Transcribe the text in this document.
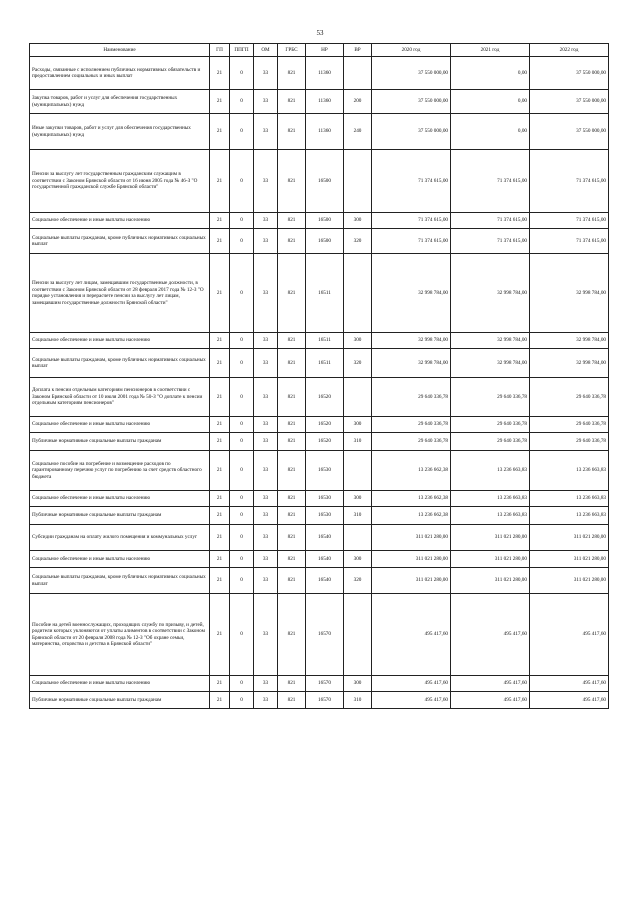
53
Наименование	ГП	ППГП	ОМ	ГРБС	НР	ВР	2020 год	2021 год	2022 год
Расходы, связанные с исполнением публичных нормативных обязательств и предоставлением социальных и иных выплат	21	0	33	821	11360		37 550 000,00	0,00	37 550 000,00
Закупка товаров, работ и услуг для обеспечения государственных (муниципальных) нужд	21	0	33	821	11360	200	37 550 000,00	0,00	37 550 000,00
Иные закупки товаров, работ и услуг для обеспечения государственных (муниципальных) нужд	21	0	33	821	11360	240	37 550 000,00	0,00	37 550 000,00
Пенсии за выслугу лет государственным гражданским служащим в соответствии с Законом Брянской области от 16 июня 2005 года № 46-З "О государственной гражданской службе Брянской области"	21	0	33	821	16500		71 374 615,00	71 374 615,00	71 374 615,00
Социальное обеспечение и иные выплаты населению	21	0	33	821	16500	300	71 374 615,00	71 374 615,00	71 374 615,00
Социальные выплаты гражданам, кроме публичных нормативных социальных выплат	21	0	33	821	16500	320	71 374 615,00	71 374 615,00	71 374 615,00
Пенсии за выслугу лет лицам, замещавшим государственные должности, в соответствии с Законом Брянской области от 28 февраля 2017 года № 12-З "О порядке установления и перерасчете пенсии за выслугу лет лицам, замещавшим государственные должности Брянской области"	21	0	33	821	16511		32 998 784,00	32 998 784,00	32 998 784,00
Социальное обеспечение и иные выплаты населению	21	0	33	821	16511	300	32 998 784,00	32 998 784,00	32 998 784,00
Социальные выплаты гражданам, кроме публичных нормативных социальных выплат	21	0	33	821	16511	320	32 998 784,00	32 998 784,00	32 998 784,00
Доплата к пенсии отдельным категориям пенсионеров в соответствии с Законом Брянской области от 10 июля 2001 года № 50-З "О доплате к пенсии отдельным категориям пенсионеров"	21	0	33	821	16520		29 640 336,78	29 640 336,78	29 640 336,78
Социальное обеспечение и иные выплаты населению	21	0	33	821	16520	300	29 640 336,78	29 640 336,78	29 640 336,78
Публичные нормативные социальные выплаты гражданам	21	0	33	821	16520	310	29 640 336,78	29 640 336,78	29 640 336,78
Социальное пособие на погребение и возмещение расходов по гарантированному перечню услуг по погребению за счет средств областного бюджета	21	0	33	821	16530		13 236 662,38	13 236 663,83	13 236 663,83
Социальное обеспечение и иные выплаты населению	21	0	33	821	16530	300	13 236 662,38	13 236 663,83	13 236 663,83
Публичные нормативные социальные выплаты гражданам	21	0	33	821	16530	310	13 236 662,38	13 236 663,83	13 236 663,83
Субсидии гражданам на оплату жилого помещения и коммунальных услуг	21	0	33	821	16540		311 021 280,00	311 021 280,00	311 021 280,00
Социальное обеспечение и иные выплаты населению	21	0	33	821	16540	300	311 021 280,00	311 021 280,00	311 021 280,00
Социальные выплаты гражданам, кроме публичных нормативных социальных выплат	21	0	33	821	16540	320	311 021 280,00	311 021 280,00	311 021 280,00
Пособие на детей военнослужащих, проходящих службу по призыву, и детей, родители которых уклоняются от уплаты алиментов в соответствии с Законом Брянской области от 20 февраля 2008 года № 12-З "Об охране семьи, материнства, отцовства и детства в Брянской области"	21	0	33	821	16570		495 417,60	495 417,60	495 417,60
Социальное обеспечение и иные выплаты населению	21	0	33	821	16570	300	495 417,60	495 417,60	495 417,60
Публичные нормативные социальные выплаты гражданам	21	0	33	821	16570	310	495 417,60	495 417,60	495 417,60
